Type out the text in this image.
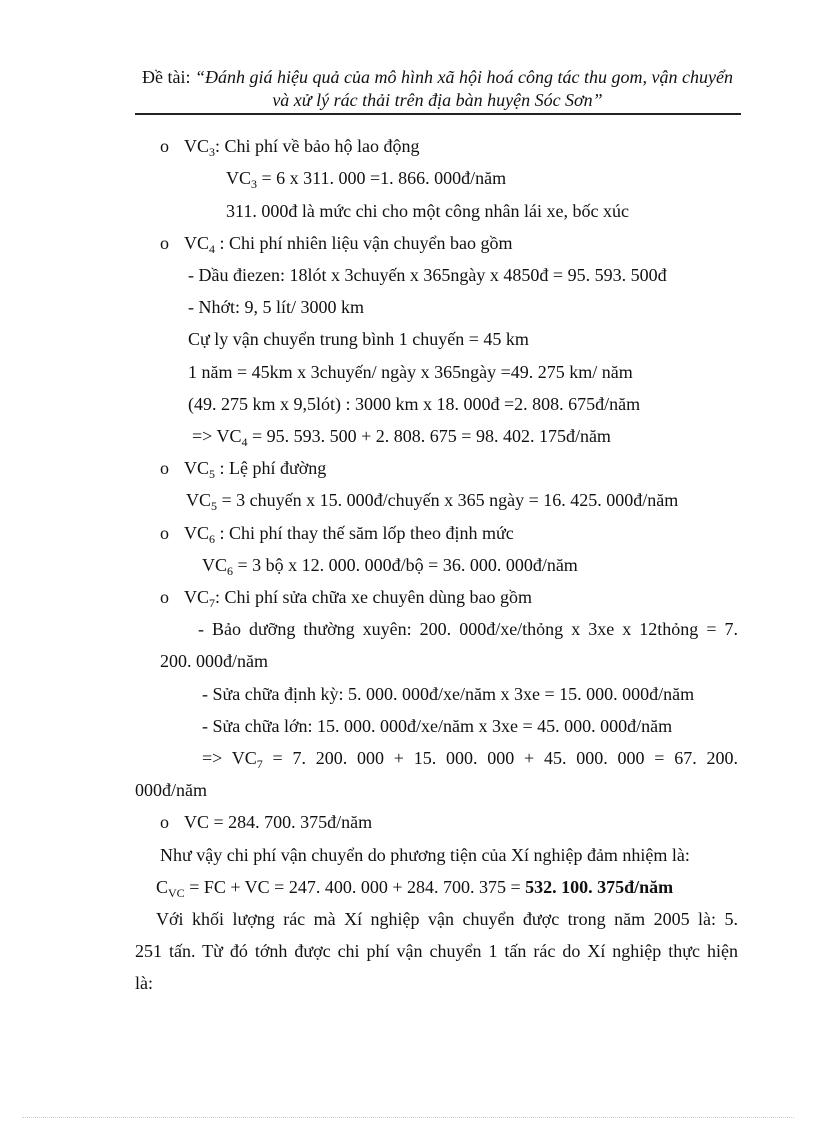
Đề tài: “Đánh giá hiệu quả của mô hình xã hội hoá công tác thu gom, vận chuyển và xử lý rác thải trên địa bàn huyện Sóc Sơn”
o $VC_3$: Chi phí về bảo hộ lao động
$VC_3 = 6$ x 311. 000 =1. 866. 000đ/năm
311. 000đ là mức chi cho một công nhân lái xe, bốc xúc
o $VC_4$ : Chi phí nhiên liệu vận chuyển bao gồm
- Dầu điezen: 18lót x 3chuyến x 365ngày x 4850đ = 95. 593. 500đ
- Nhớt: 9, 5 lít/ 3000 km
Cự ly vận chuyển trung bình 1 chuyến = 45 km
1 năm = 45km x 3chuyến/ ngày x 365ngày =49. 275 km/ năm
(49. 275 km x 9,5lót) : 3000 km x 18. 000đ =2. 808. 675đ/năm
=> $VC_4 = 95$. 593. 500 + 2. 808. 675 = 98. 402. 175đ/năm
o $VC_5$ : Lệ phí đường
$VC_5 = 3$ chuyến x 15. 000đ/chuyến x 365 ngày = 16. 425. 000đ/năm
o $VC_6$ : Chi phí thay thế săm lốp theo định mức
$VC_6 = 3$ bộ x 12. 000. 000đ/bộ = 36. 000. 000đ/năm
o $VC_7$: Chi phí sửa chữa xe chuyên dùng bao gồm
- Bảo dưỡng thường xuyên: 200. 000đ/xe/thỏng x 3xe x 12thỏng = 7.
200. 000đ/năm
- Sửa chữa định kỳ: 5. 000. 000đ/xe/năm x 3xe = 15. 000. 000đ/năm
- Sửa chữa lớn: 15. 000. 000đ/xe/năm x 3xe = 45. 000. 000đ/năm
=> $VC_7 = 7$. 200. 000 + 15. 000. 000 + 45. 000. 000 = 67. 200.
000đ/năm
o VC = 284. 700. 375đ/năm
Như vậy chi phí vận chuyển do phương tiện của Xí nghiệp đảm nhiệm là:
$C_{VC}$ = FC + VC = 247. 400. 000 + 284. 700. 375 = 532. 100. 375đ/năm
Với khối lượng rác mà Xí nghiệp vận chuyển được trong năm 2005 là: 5.
251 tấn. Từ đó tớnh được chi phí vận chuyển 1 tấn rác do Xí nghiệp thực hiện
là:
